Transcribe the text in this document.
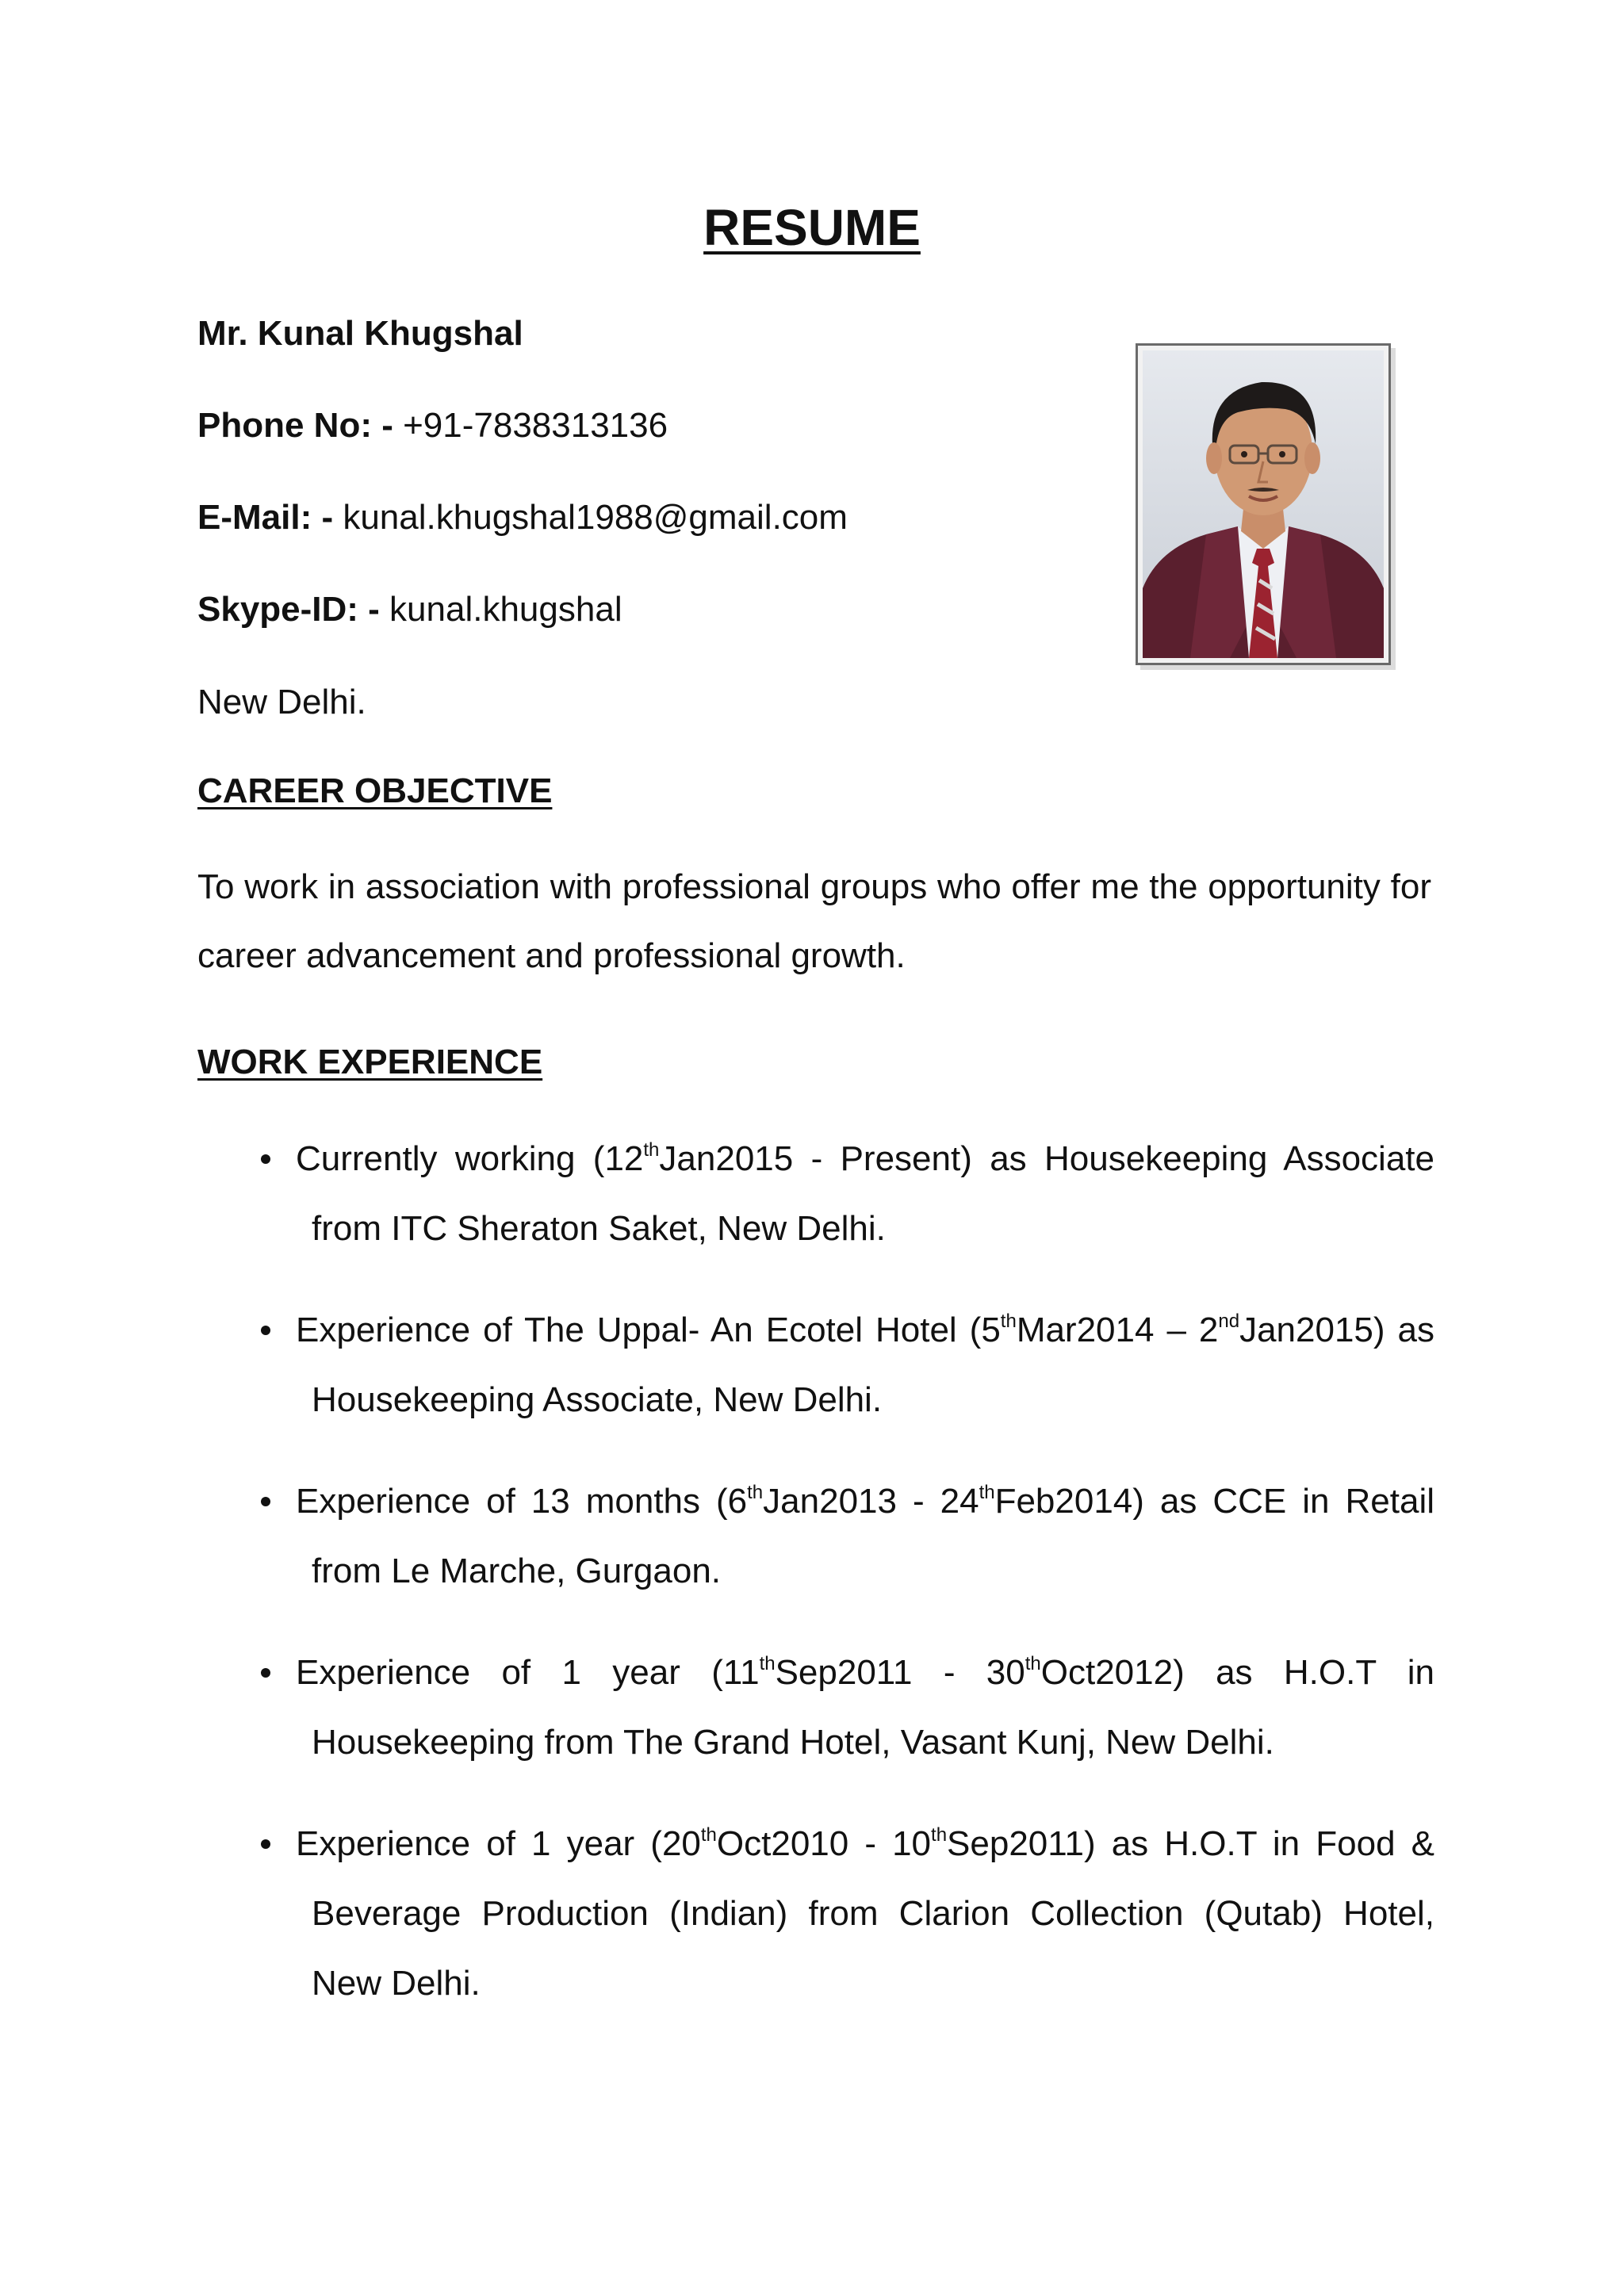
RESUME
Mr. Kunal Khugshal
Phone No: - +91-7838313136
E-Mail: - kunal.khugshal1988@gmail.com
Skype-ID: - kunal.khugshal
New Delhi.
CAREER OBJECTIVE
To work in association with professional groups who offer me the opportunity for career advancement and professional growth.
WORK EXPERIENCE
Currently working (12thJan2015 - Present) as Housekeeping Associate from ITC Sheraton Saket, New Delhi.
Experience of The Uppal- An Ecotel Hotel (5thMar2014 – 2ndJan2015) as Housekeeping Associate, New Delhi.
Experience of 13 months (6thJan2013 - 24thFeb2014) as CCE in Retail from Le Marche, Gurgaon.
Experience of 1 year (11thSep2011 - 30thOct2012) as H.O.T in Housekeeping from The Grand Hotel, Vasant Kunj, New Delhi.
Experience of 1 year (20thOct2010 - 10thSep2011) as H.O.T in Food & Beverage Production (Indian) from Clarion Collection (Qutab) Hotel, New Delhi.
